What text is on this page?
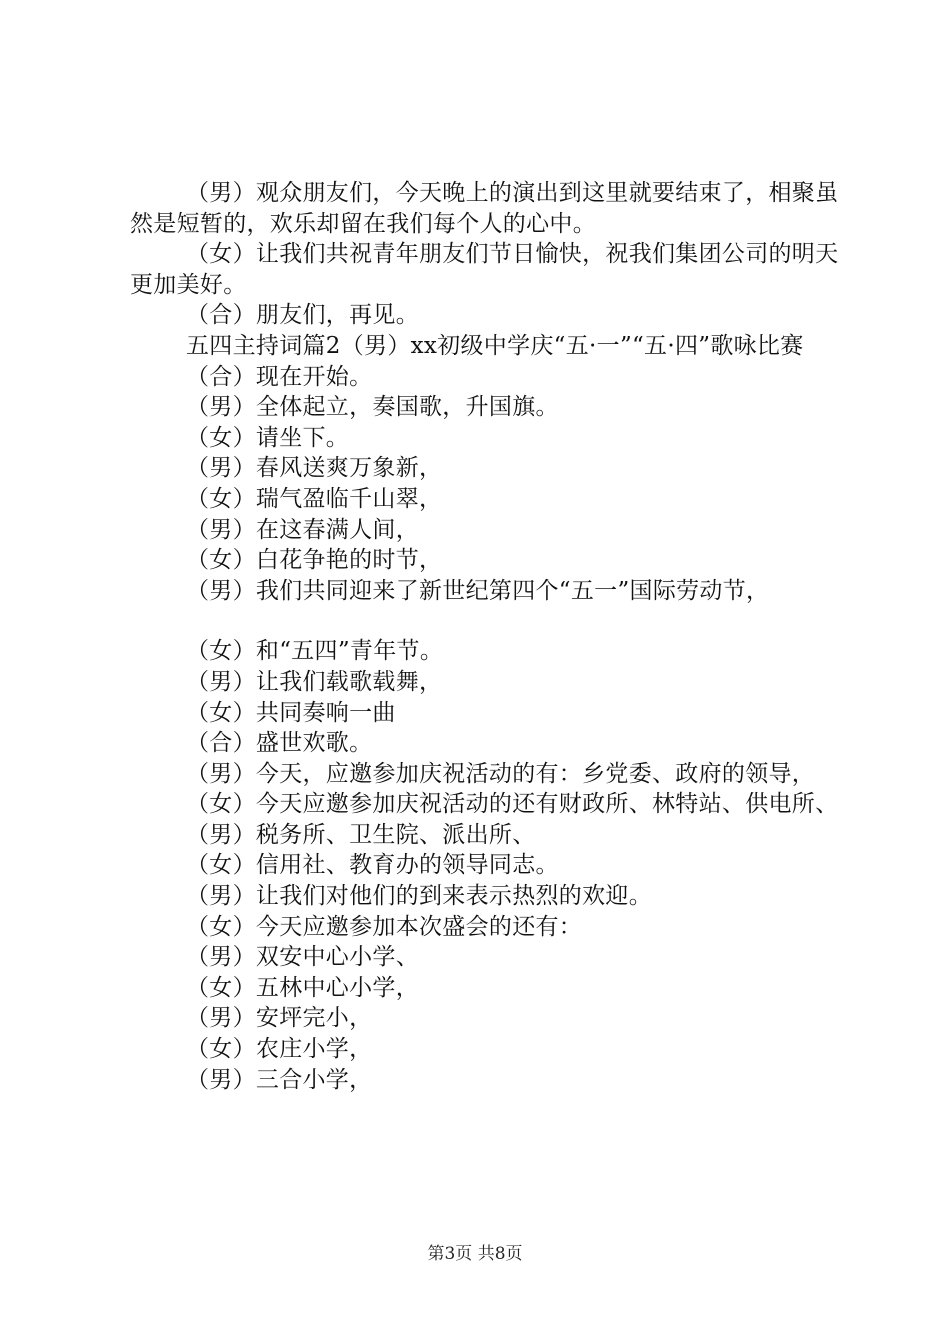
（男）观众朋友们，今天晚上的演出到这里就要结束了，相聚虽然是短暂的，欢乐却留在我们每个人的心中。

（女）让我们共祝青年朋友们节日愉快，祝我们集团公司的明天更加美好。

（合）朋友们，再见。

五四主持词篇2（男）xx初级中学庆“五·一”“五·四”歌咏比赛

（合）现在开始。

（男）全体起立，奏国歌，升国旗。

（女）请坐下。

（男）春风送爽万象新，

（女）瑞气盈临千山翠，

（男）在这春满人间，

（女）白花争艳的时节，

（男）我们共同迎来了新世纪第四个“五一”国际劳动节，

（女）和“五四”青年节。

（男）让我们载歌载舞，

（女）共同奏响一曲

（合）盛世欢歌。

（男）今天，应邀参加庆祝活动的有：乡党委、政府的领导，

（女）今天应邀参加庆祝活动的还有财政所、林特站、供电所、

（男）税务所、卫生院、派出所、

（女）信用社、教育办的领导同志。

（男）让我们对他们的到来表示热烈的欢迎。

（女）今天应邀参加本次盛会的还有：

（男）双安中心小学、

（女）五林中心小学，

（男）安坪完小，

（女）农庄小学，

（男）三合小学，

第3页 共8页
